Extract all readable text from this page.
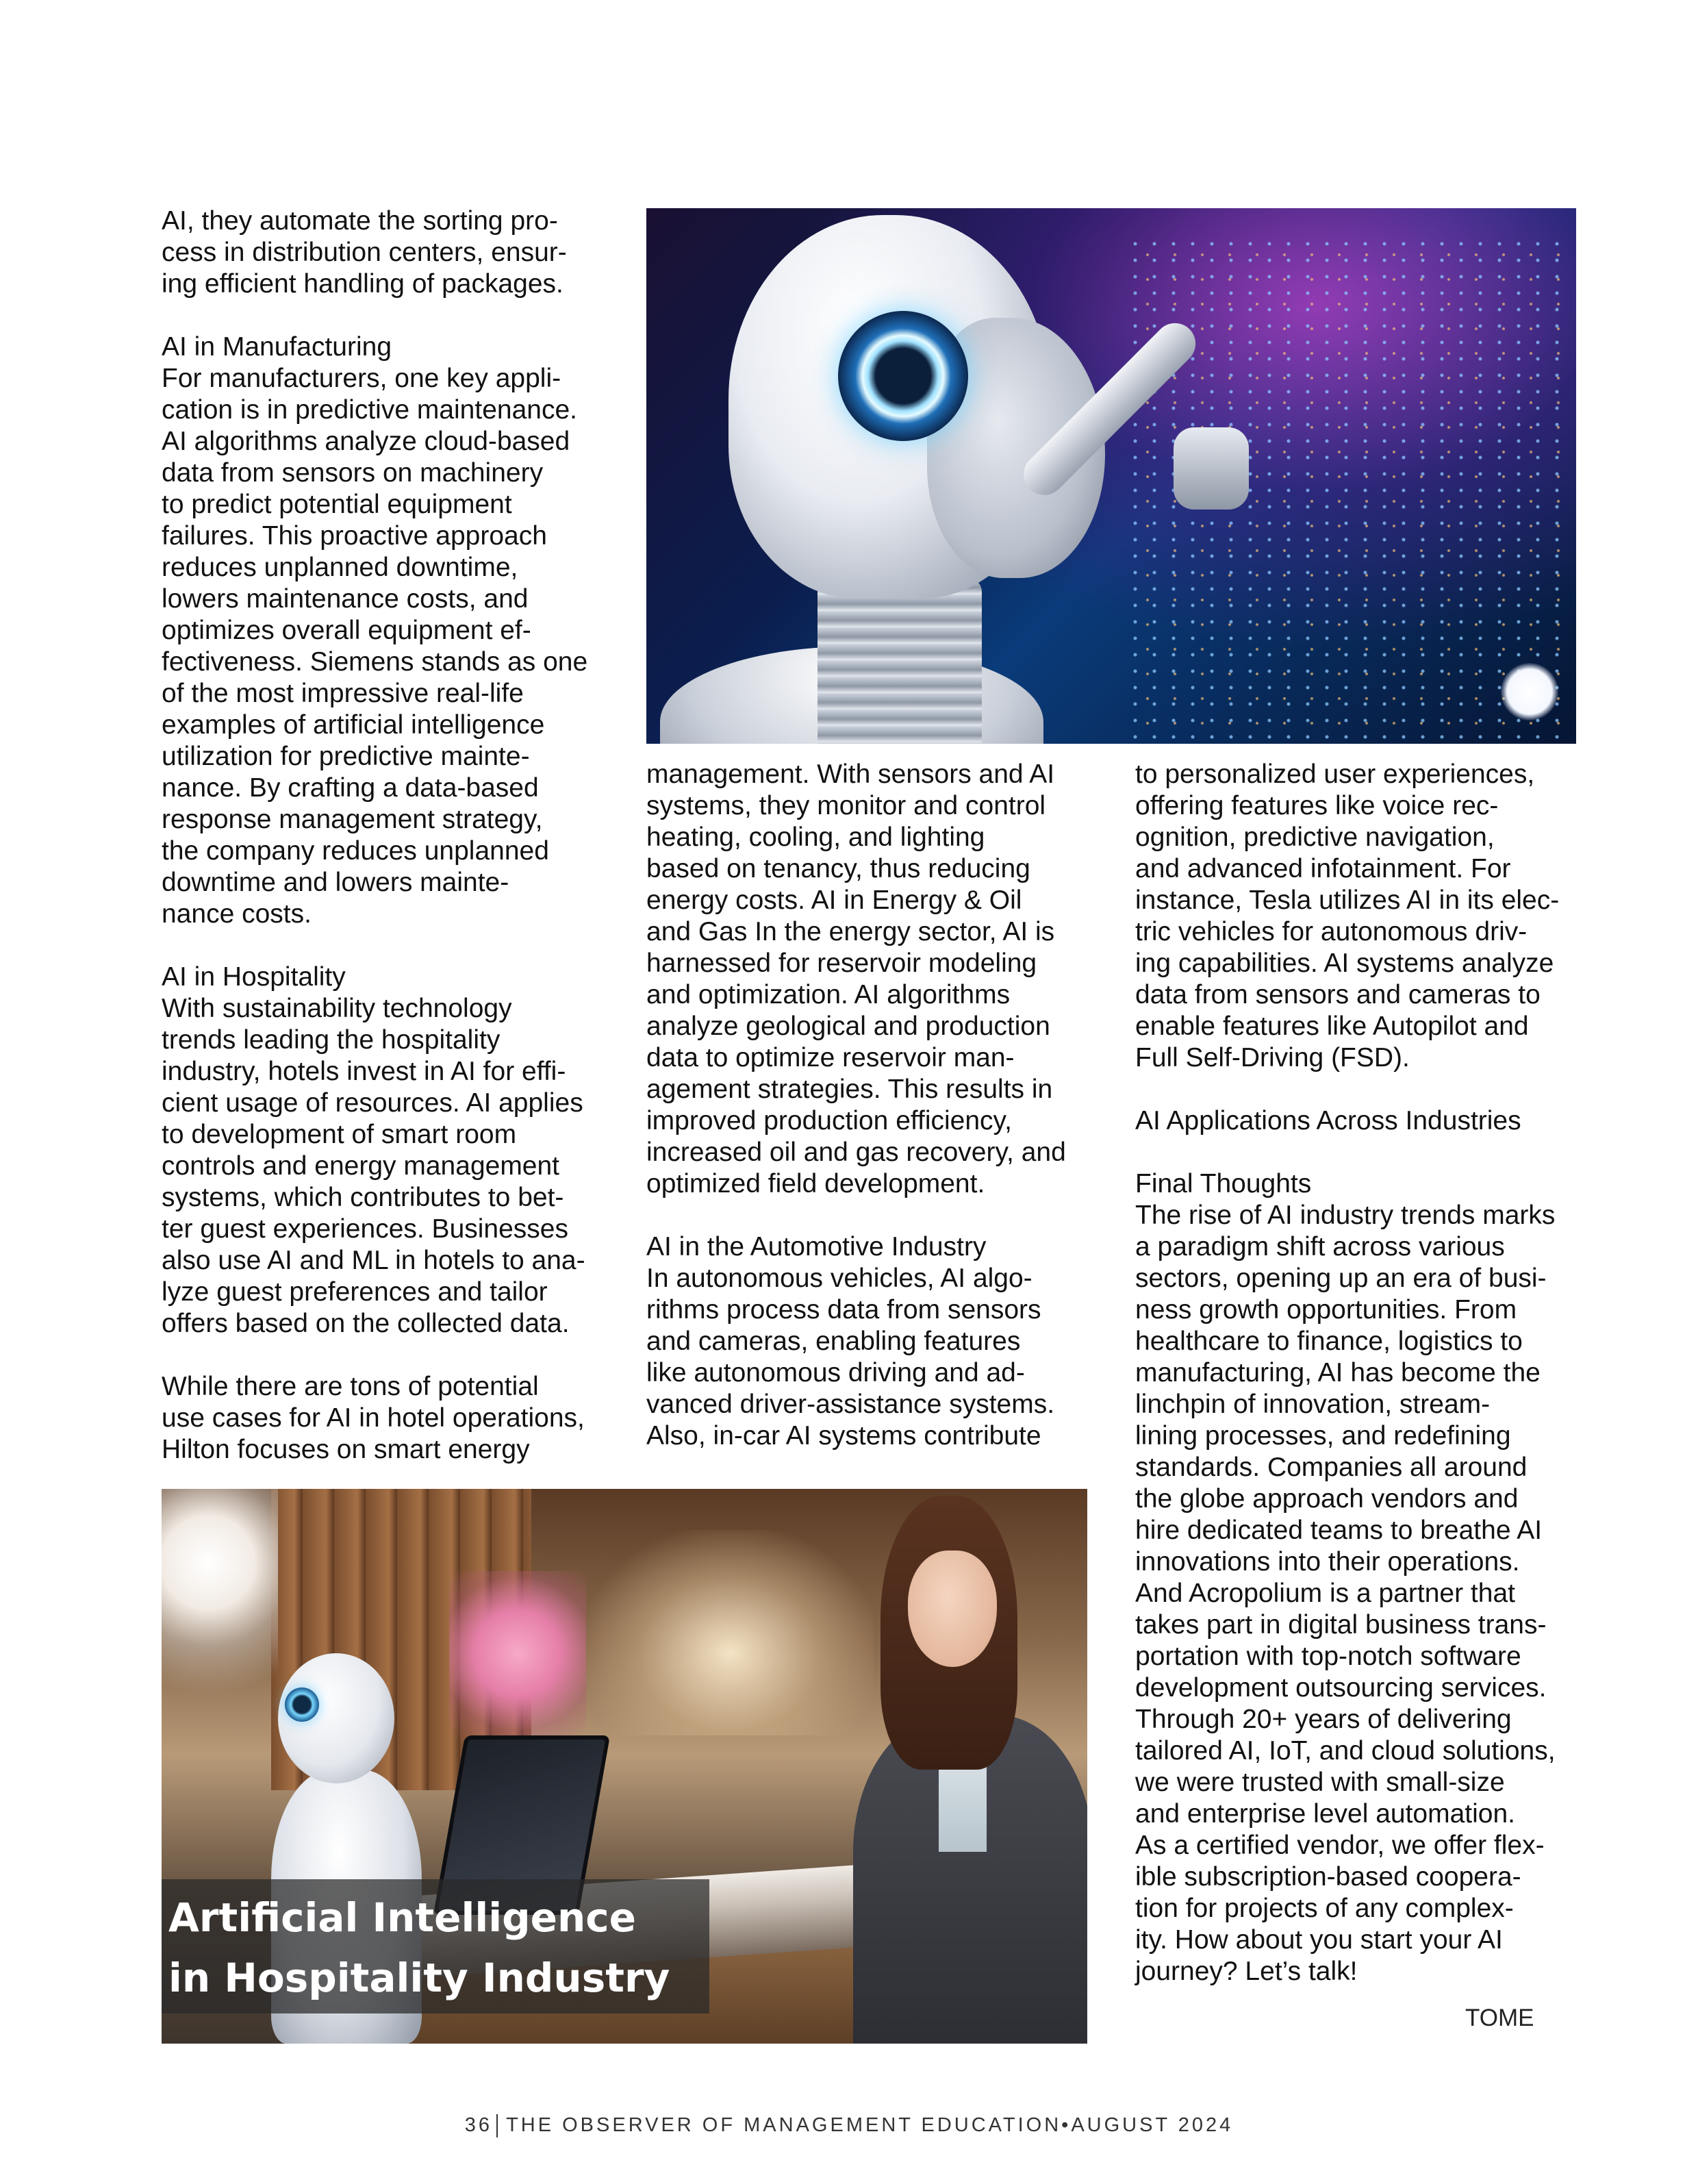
AI, they automate the sorting pro-
cess in distribution centers, ensur-
ing efficient handling of packages.

AI in Manufacturing

For manufacturers, one key appli-
cation is in predictive maintenance.
AI algorithms analyze cloud-based
data from sensors on machinery
to predict potential equipment
failures. This proactive approach
reduces unplanned downtime,
lowers maintenance costs, and
optimizes overall equipment ef-
fectiveness. Siemens stands as one
of the most impressive real-life
examples of artificial intelligence
utilization for predictive mainte-
nance. By crafting a data-based
response management strategy,
the company reduces unplanned
downtime and lowers mainte-
nance costs.

AI in Hospitality

With sustainability technology
trends leading the hospitality
industry, hotels invest in AI for effi-
cient usage of resources. AI applies
to development of smart room
controls and energy management
systems, which contributes to bet-
ter guest experiences. Businesses
also use AI and ML in hotels to ana-
lyze guest preferences and tailor
offers based on the collected data.

While there are tons of potential
use cases for AI in hotel operations,
Hilton focuses on smart energy

management. With sensors and AI
systems, they monitor and control
heating, cooling, and lighting
based on tenancy, thus reducing
energy costs. AI in Energy & Oil
and Gas In the energy sector, AI is
harnessed for reservoir modeling
and optimization. AI algorithms
analyze geological and production
data to optimize reservoir man-
agement strategies. This results in
improved production efficiency,
increased oil and gas recovery, and
optimized field development.

AI in the Automotive Industry

In autonomous vehicles, AI algo-
rithms process data from sensors
and cameras, enabling features
like autonomous driving and ad-
vanced driver-assistance systems.
Also, in-car AI systems contribute

to personalized user experiences,
offering features like voice rec-
ognition, predictive navigation,
and advanced infotainment. For
instance, Tesla utilizes AI in its elec-
tric vehicles for autonomous driv-
ing capabilities. AI systems analyze
data from sensors and cameras to
enable features like Autopilot and
Full Self-Driving (FSD).

AI Applications Across Industries
Final Thoughts

The rise of AI industry trends marks
a paradigm shift across various
sectors, opening up an era of busi-
ness growth opportunities. From
healthcare to finance, logistics to
manufacturing, AI has become the
linchpin of innovation, stream-
lining processes, and redefining
standards. Companies all around
the globe approach vendors and
hire dedicated teams to breathe AI
innovations into their operations.
And Acropolium is a partner that
takes part in digital business trans-
portation with top-notch software
development outsourcing services.
Through 20+ years of delivering
tailored AI, IoT, and cloud solutions,
we were trusted with small-size
and enterprise level automation.
As a certified vendor, we offer flex-
ible subscription-based coopera-
tion for projects of any complex-
ity. How about you start your AI
journey? Let’s talk!

Artificial Intelligence
in Hospitality Industry
TOME
36 THE OBSERVER OF MANAGEMENT EDUCATION•AUGUST 2024
